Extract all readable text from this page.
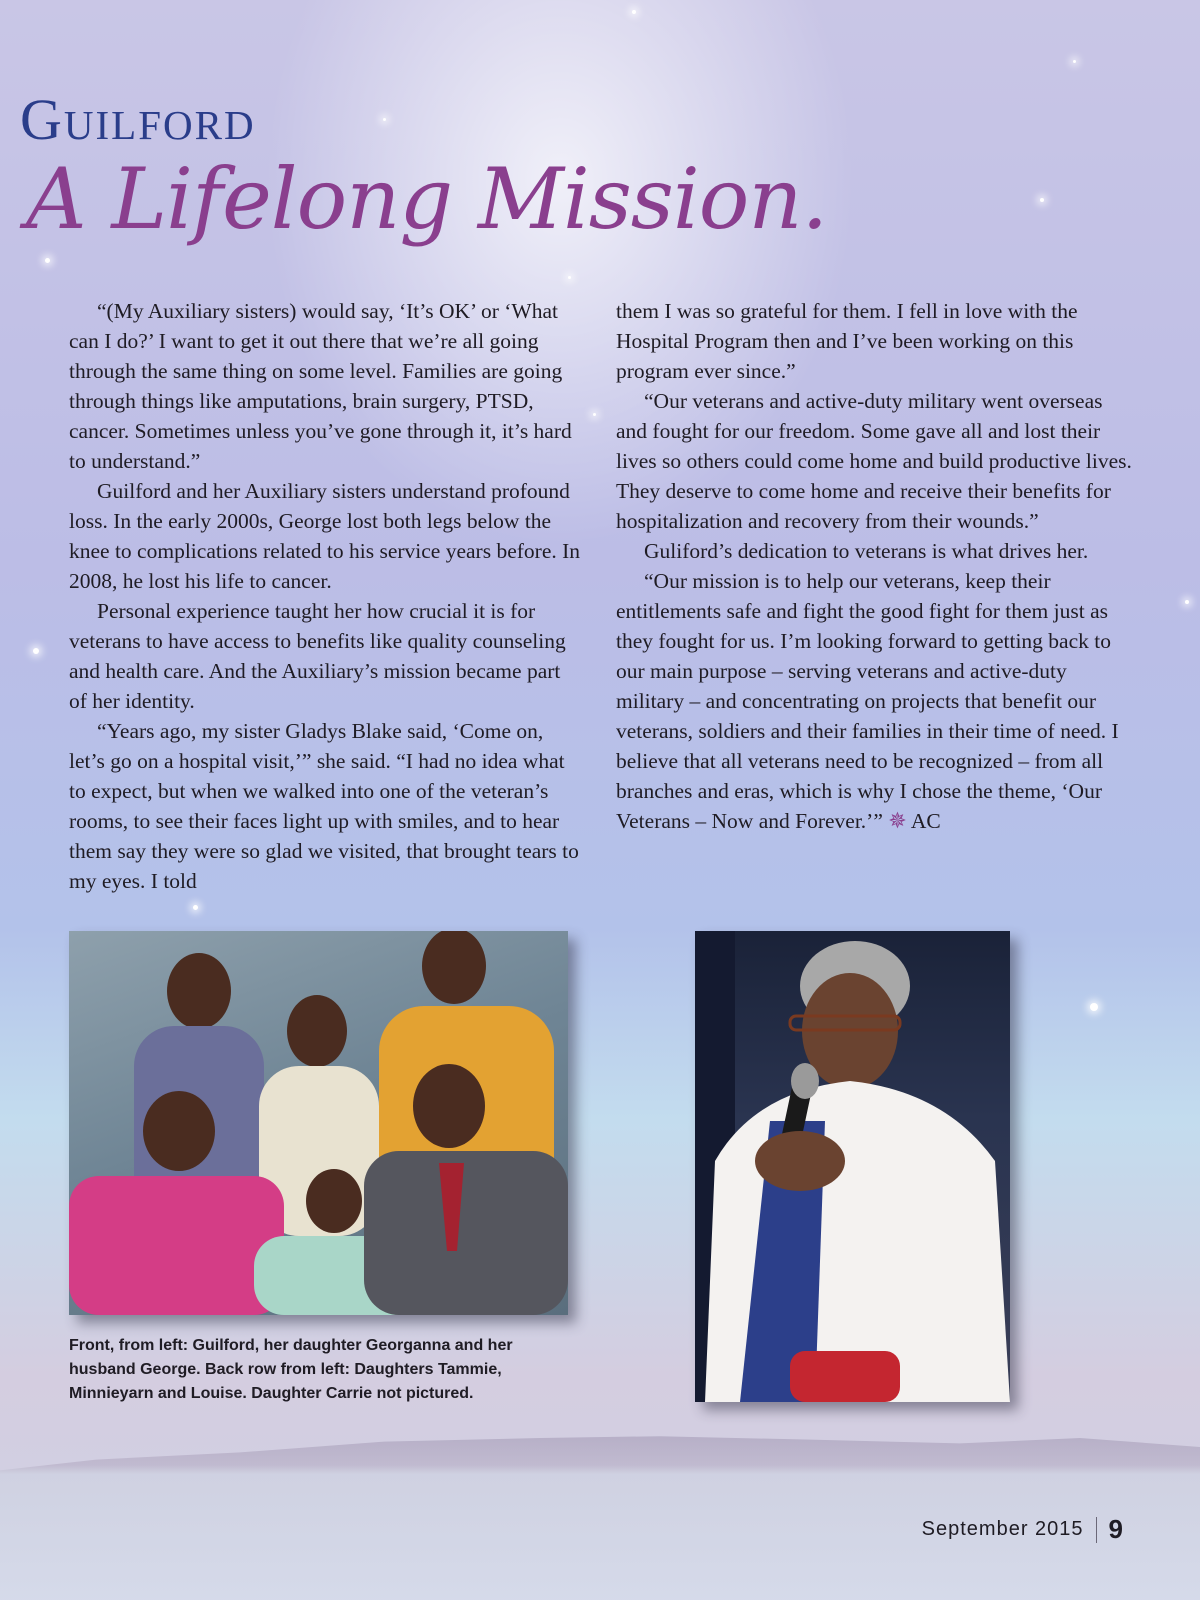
Guilford
A Lifelong Mission.

“(My Auxiliary sisters) would say, ‘It’s OK’ or ‘What can I do?’ I want to get it out there that we’re all going through the same thing on some level. Families are going through things like amputations, brain surgery, PTSD, cancer. Sometimes unless you’ve gone through it, it’s hard to understand.”

Guilford and her Auxiliary sisters understand profound loss. In the early 2000s, George lost both legs below the knee to complications related to his service years before. In 2008, he lost his life to cancer.

Personal experience taught her how crucial it is for veterans to have access to benefits like quality counseling and health care. And the Auxiliary’s mission became part of her identity.

“Years ago, my sister Gladys Blake said, ‘Come on, let’s go on a hospital visit,’” she said. “I had no idea what to expect, but when we walked into one of the veteran’s rooms, to see their faces light up with smiles, and to hear them say they were so glad we visited, that brought tears to my eyes. I told

them I was so grateful for them. I fell in love with the Hospital Program then and I’ve been working on this program ever since.”

“Our veterans and active-duty military went overseas and fought for our freedom. Some gave all and lost their lives so others could come home and build productive lives. They deserve to come home and receive their benefits for hospitalization and recovery from their wounds.”

Guliford’s dedication to veterans is what drives her.

“Our mission is to help our veterans, keep their entitlements safe and fight the good fight for them just as they fought for us. I’m looking forward to getting back to our main purpose – serving veterans and active-duty military – and concentrating on projects that benefit our veterans, soldiers and their families in their time of need. I believe that all veterans need to be recognized – from all branches and eras, which is why I chose the theme, ‘Our Veterans – Now and Forever.’” ✵ AC

Front, from left: Guilford, her daughter Georganna and her husband George. Back row from left: Daughters Tammie, Minnieyarn and Louise. Daughter Carrie not pictured.

September 2015 9
